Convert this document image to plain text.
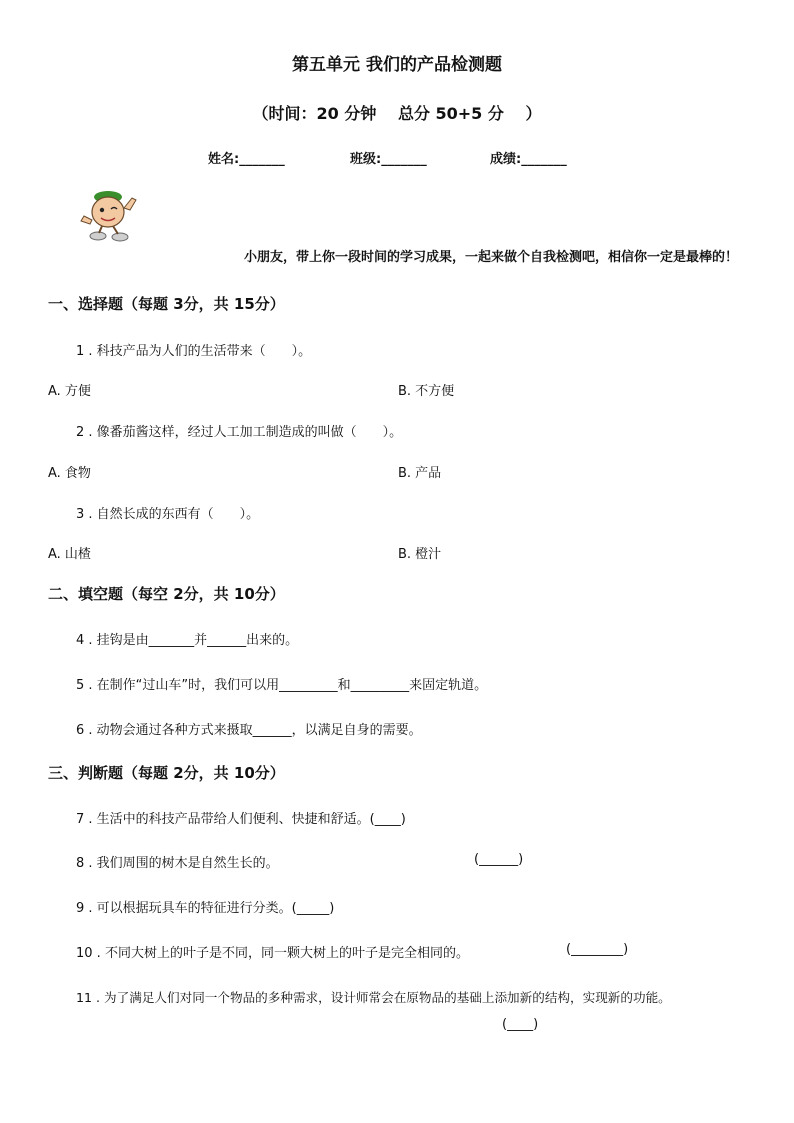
第五单元 我们的产品检测题
（时间：20 分钟　 总分 50+5 分　 ）
姓名:_______	班级:_______	成绩:_______
小朋友，带上你一段时间的学习成果，一起来做个自我检测吧，相信你一定是最棒的！
一、选择题（每题 3分，共 15分）
1 . 科技产品为人们的生活带来（　　）。
A. 方便	B. 不方便
2 . 像番茄酱这样，经过人工加工制造成的叫做（　　）。
A. 食物	B. 产品
3 . 自然长成的东西有（　　）。
A. 山楂	B. 橙汁
二、填空题（每空 2分，共 10分）
4 . 挂钩是由_______并______出来的。
5 . 在制作“过山车”时，我们可以用_________和_________来固定轨道。
6 . 动物会通过各种方式来摄取______，以满足自身的需要。
三、判断题（每题 2分，共 10分）
7 . 生活中的科技产品带给人们便利、快捷和舒适。(____)
8 . 我们周围的树木是自然生长的。	(______)
9 . 可以根据玩具车的特征进行分类。(_____)
10 . 不同大树上的叶子是不同，同一颗大树上的叶子是完全相同的。	(________)
11 . 为了满足人们对同一个物品的多种需求，设计师常会在原物品的基础上添加新的结构，实现新的功能。
(____)
